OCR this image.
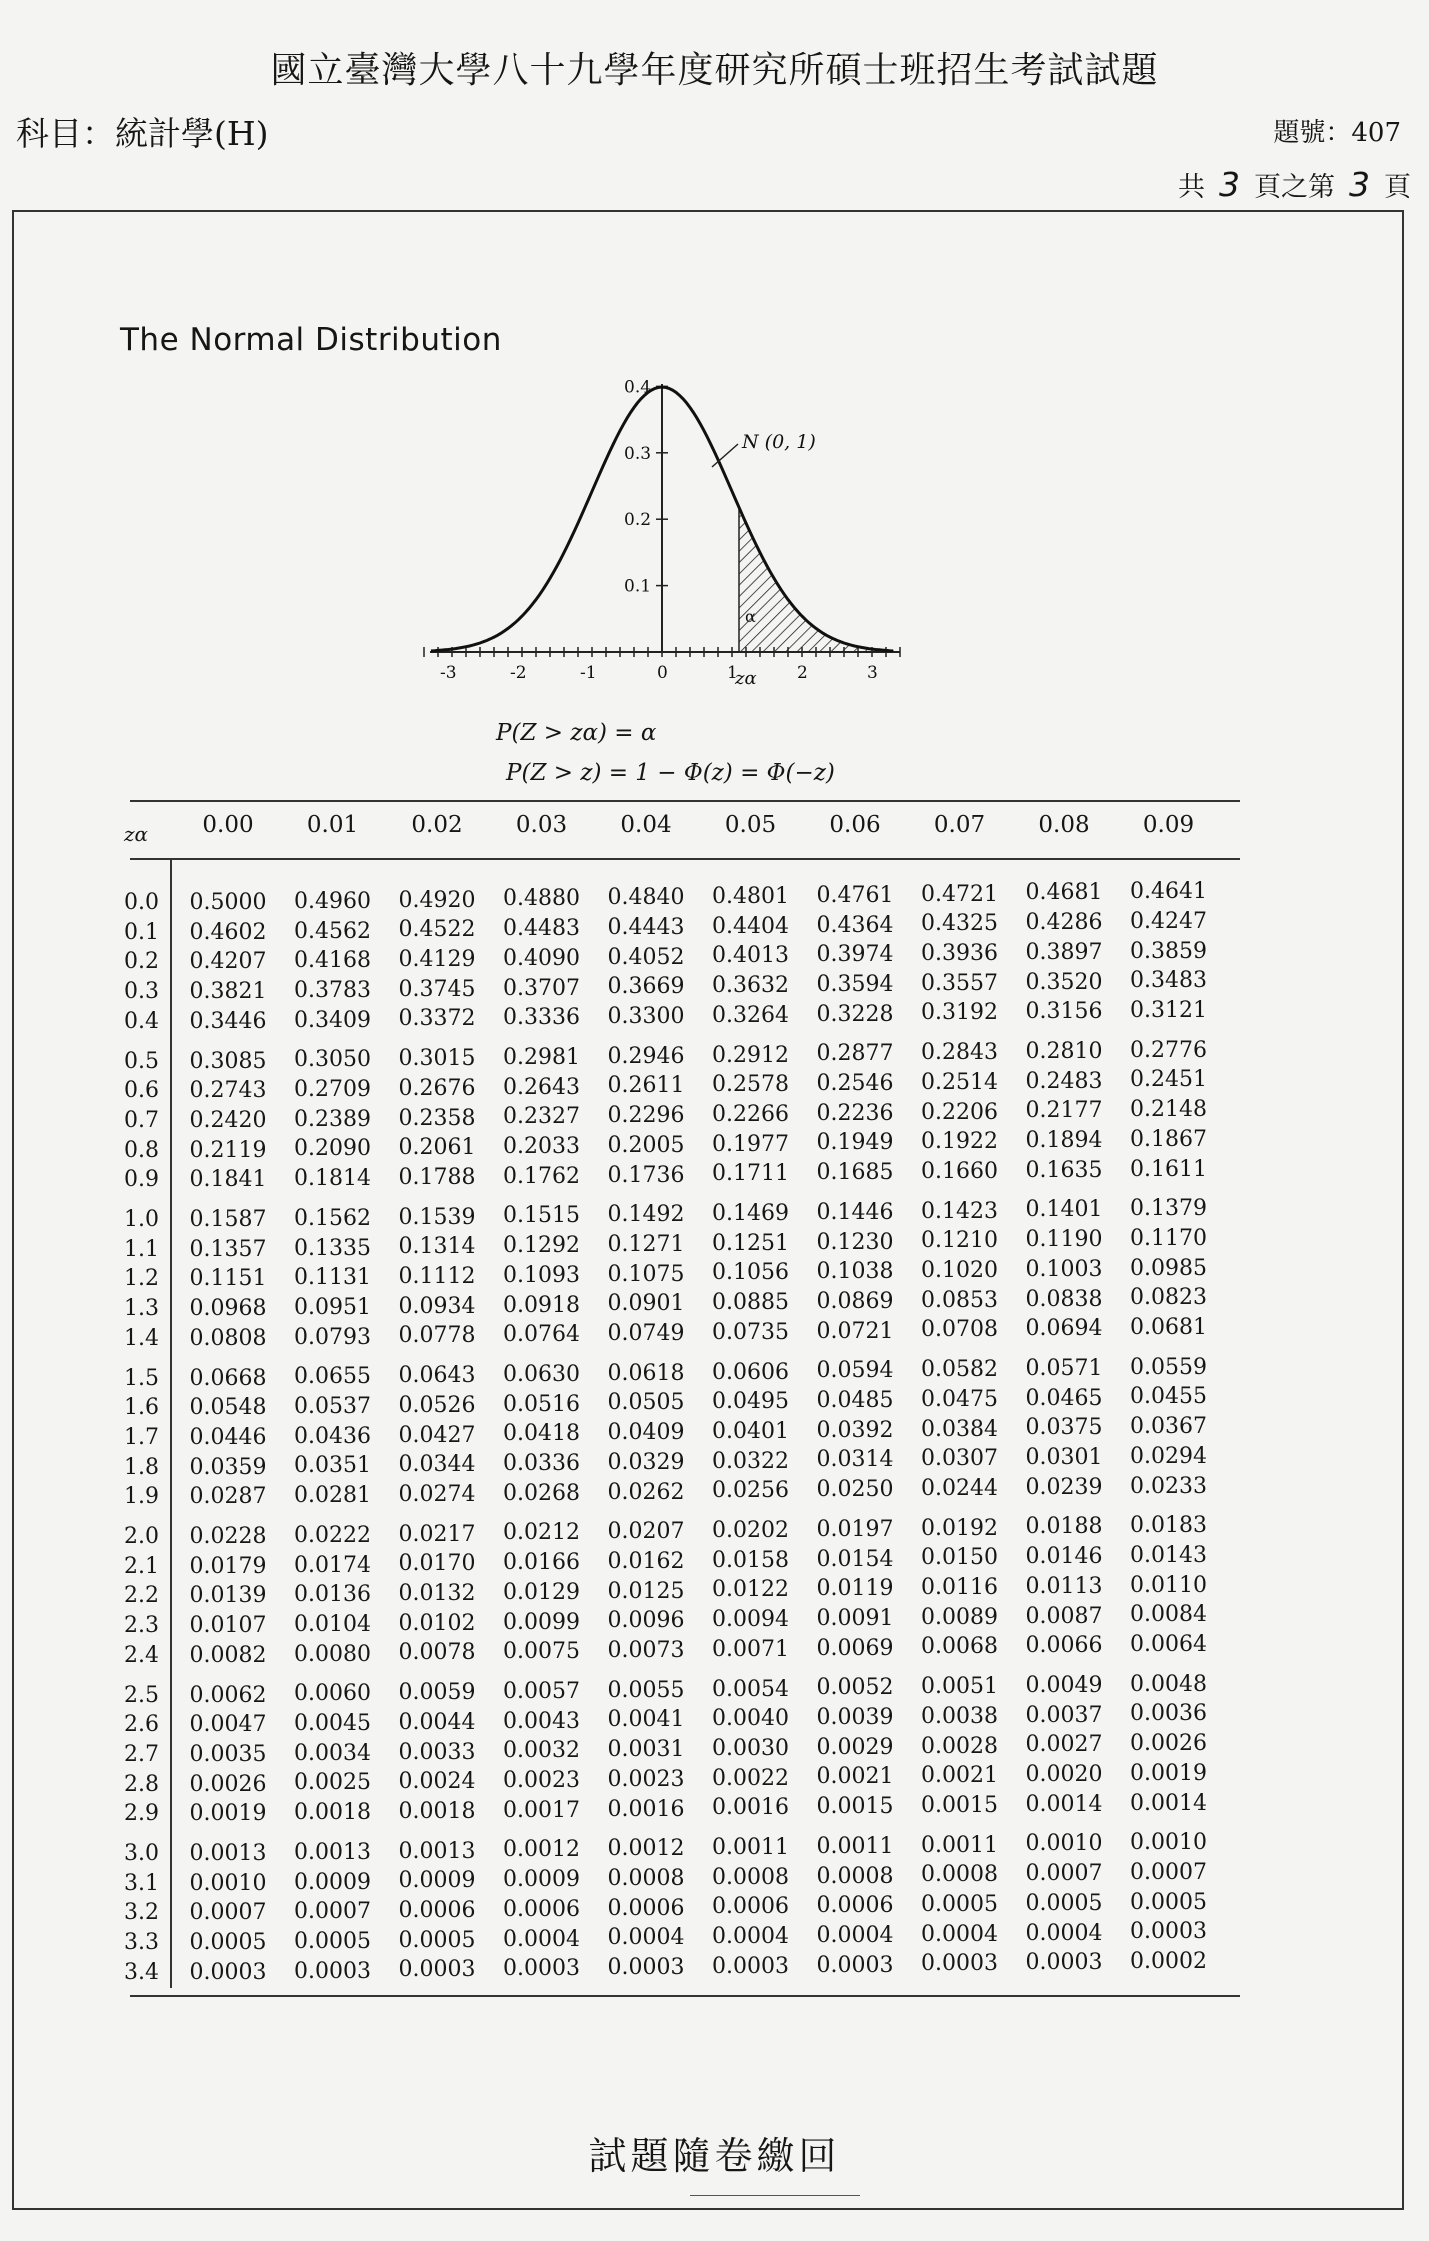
國立臺灣大學八十九學年度研究所碩士班招生考試試題
科目：統計學(H)	題號：407
共 3 頁之第 3 頁
The Normal Distribution
-3	-2	-1	0	1	2	3
0.1
0.2
0.3
0.4
N (0, 1)
α
zα
P(Z > zα) = α
P(Z > z) = 1 − Φ(z) = Φ(−z)
zα	0.00	0.01	0.02	0.03	0.04	0.05	0.06	0.07	0.08	0.09
0.0	0.5000	0.4960	0.4920	0.4880	0.4840	0.4801	0.4761	0.4721	0.4681	0.4641
0.1	0.4602	0.4562	0.4522	0.4483	0.4443	0.4404	0.4364	0.4325	0.4286	0.4247
0.2	0.4207	0.4168	0.4129	0.4090	0.4052	0.4013	0.3974	0.3936	0.3897	0.3859
0.3	0.3821	0.3783	0.3745	0.3707	0.3669	0.3632	0.3594	0.3557	0.3520	0.3483
0.4	0.3446	0.3409	0.3372	0.3336	0.3300	0.3264	0.3228	0.3192	0.3156	0.3121
0.5	0.3085	0.3050	0.3015	0.2981	0.2946	0.2912	0.2877	0.2843	0.2810	0.2776
0.6	0.2743	0.2709	0.2676	0.2643	0.2611	0.2578	0.2546	0.2514	0.2483	0.2451
0.7	0.2420	0.2389	0.2358	0.2327	0.2296	0.2266	0.2236	0.2206	0.2177	0.2148
0.8	0.2119	0.2090	0.2061	0.2033	0.2005	0.1977	0.1949	0.1922	0.1894	0.1867
0.9	0.1841	0.1814	0.1788	0.1762	0.1736	0.1711	0.1685	0.1660	0.1635	0.1611
1.0	0.1587	0.1562	0.1539	0.1515	0.1492	0.1469	0.1446	0.1423	0.1401	0.1379
1.1	0.1357	0.1335	0.1314	0.1292	0.1271	0.1251	0.1230	0.1210	0.1190	0.1170
1.2	0.1151	0.1131	0.1112	0.1093	0.1075	0.1056	0.1038	0.1020	0.1003	0.0985
1.3	0.0968	0.0951	0.0934	0.0918	0.0901	0.0885	0.0869	0.0853	0.0838	0.0823
1.4	0.0808	0.0793	0.0778	0.0764	0.0749	0.0735	0.0721	0.0708	0.0694	0.0681
1.5	0.0668	0.0655	0.0643	0.0630	0.0618	0.0606	0.0594	0.0582	0.0571	0.0559
1.6	0.0548	0.0537	0.0526	0.0516	0.0505	0.0495	0.0485	0.0475	0.0465	0.0455
1.7	0.0446	0.0436	0.0427	0.0418	0.0409	0.0401	0.0392	0.0384	0.0375	0.0367
1.8	0.0359	0.0351	0.0344	0.0336	0.0329	0.0322	0.0314	0.0307	0.0301	0.0294
1.9	0.0287	0.0281	0.0274	0.0268	0.0262	0.0256	0.0250	0.0244	0.0239	0.0233
2.0	0.0228	0.0222	0.0217	0.0212	0.0207	0.0202	0.0197	0.0192	0.0188	0.0183
2.1	0.0179	0.0174	0.0170	0.0166	0.0162	0.0158	0.0154	0.0150	0.0146	0.0143
2.2	0.0139	0.0136	0.0132	0.0129	0.0125	0.0122	0.0119	0.0116	0.0113	0.0110
2.3	0.0107	0.0104	0.0102	0.0099	0.0096	0.0094	0.0091	0.0089	0.0087	0.0084
2.4	0.0082	0.0080	0.0078	0.0075	0.0073	0.0071	0.0069	0.0068	0.0066	0.0064
2.5	0.0062	0.0060	0.0059	0.0057	0.0055	0.0054	0.0052	0.0051	0.0049	0.0048
2.6	0.0047	0.0045	0.0044	0.0043	0.0041	0.0040	0.0039	0.0038	0.0037	0.0036
2.7	0.0035	0.0034	0.0033	0.0032	0.0031	0.0030	0.0029	0.0028	0.0027	0.0026
2.8	0.0026	0.0025	0.0024	0.0023	0.0023	0.0022	0.0021	0.0021	0.0020	0.0019
2.9	0.0019	0.0018	0.0018	0.0017	0.0016	0.0016	0.0015	0.0015	0.0014	0.0014
3.0	0.0013	0.0013	0.0013	0.0012	0.0012	0.0011	0.0011	0.0011	0.0010	0.0010
3.1	0.0010	0.0009	0.0009	0.0009	0.0008	0.0008	0.0008	0.0008	0.0007	0.0007
3.2	0.0007	0.0007	0.0006	0.0006	0.0006	0.0006	0.0006	0.0005	0.0005	0.0005
3.3	0.0005	0.0005	0.0005	0.0004	0.0004	0.0004	0.0004	0.0004	0.0004	0.0003
3.4	0.0003	0.0003	0.0003	0.0003	0.0003	0.0003	0.0003	0.0003	0.0003	0.0002
試題隨卷繳回
